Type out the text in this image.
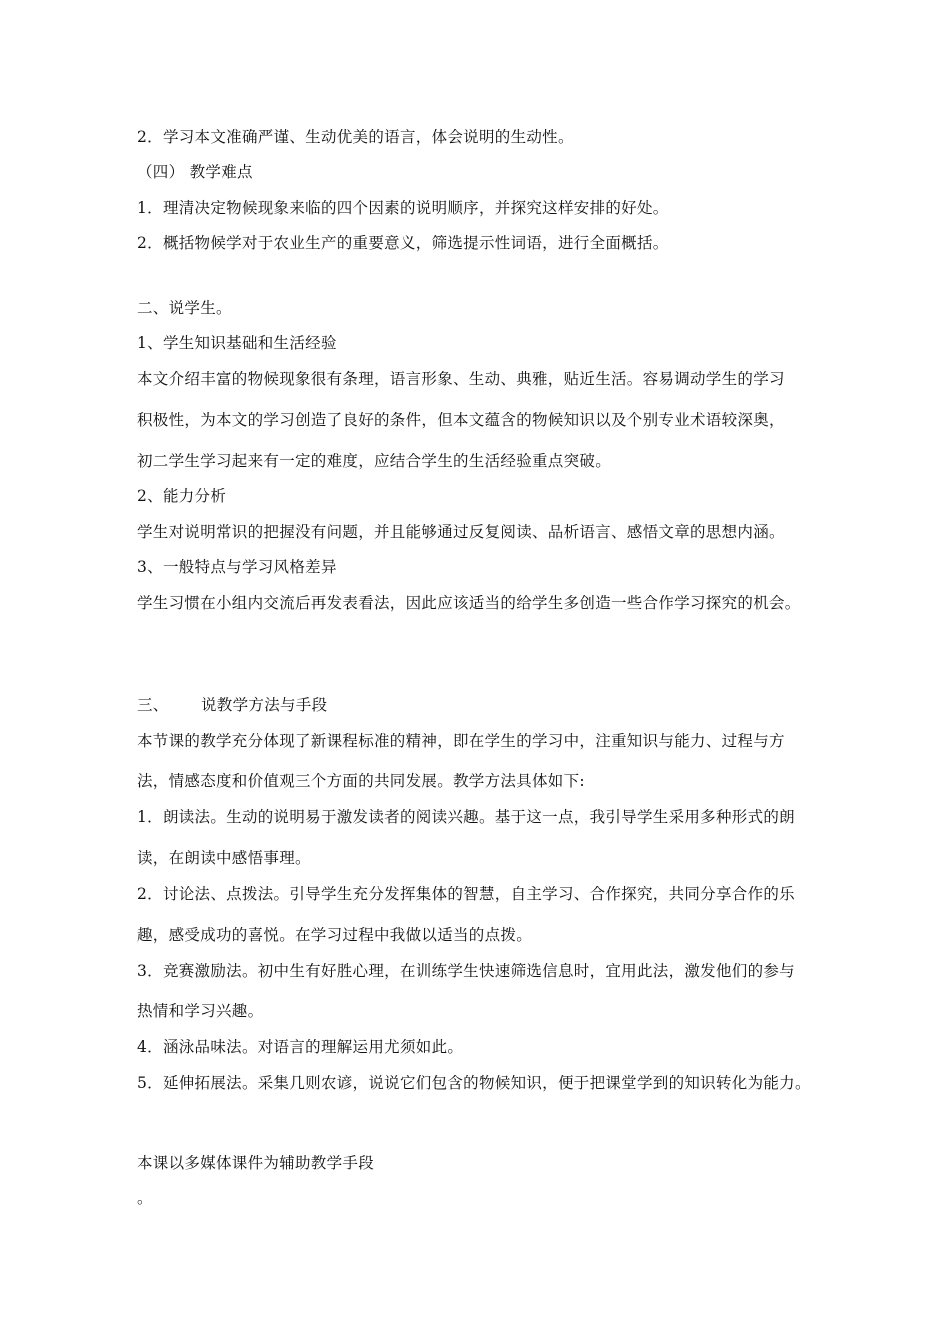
2．学习本文准确严谨、生动优美的语言，体会说明的生动性。
（四） 教学难点
1．理清决定物候现象来临的四个因素的说明顺序，并探究这样安排的好处。
2．概括物候学对于农业生产的重要意义，筛选提示性词语，进行全面概括。
二、说学生。
1、学生知识基础和生活经验
本文介绍丰富的物候现象很有条理，语言形象、生动、典雅，贴近生活。容易调动学生的学习
积极性，为本文的学习创造了良好的条件，但本文蕴含的物候知识以及个别专业术语较深奥，
初二学生学习起来有一定的难度，应结合学生的生活经验重点突破。
2、能力分析
学生对说明常识的把握没有问题，并且能够通过反复阅读、品析语言、感悟文章的思想内涵。
3、一般特点与学习风格差异
学生习惯在小组内交流后再发表看法，因此应该适当的给学生多创造一些合作学习探究的机会。
三、 说教学方法与手段
本节课的教学充分体现了新课程标准的精神，即在学生的学习中，注重知识与能力、过程与方
法，情感态度和价值观三个方面的共同发展。教学方法具体如下:
1．朗读法。生动的说明易于激发读者的阅读兴趣。基于这一点，我引导学生采用多种形式的朗
读，在朗读中感悟事理。
2．讨论法、点拨法。引导学生充分发挥集体的智慧，自主学习、合作探究，共同分享合作的乐
趣，感受成功的喜悦。在学习过程中我做以适当的点拨。
3．竞赛激励法。初中生有好胜心理，在训练学生快速筛选信息时，宜用此法，激发他们的参与
热情和学习兴趣。
4．涵泳品味法。对语言的理解运用尤须如此。
5．延伸拓展法。采集几则农谚，说说它们包含的物候知识，便于把课堂学到的知识转化为能力。
本课以多媒体课件为辅助教学手段
。
